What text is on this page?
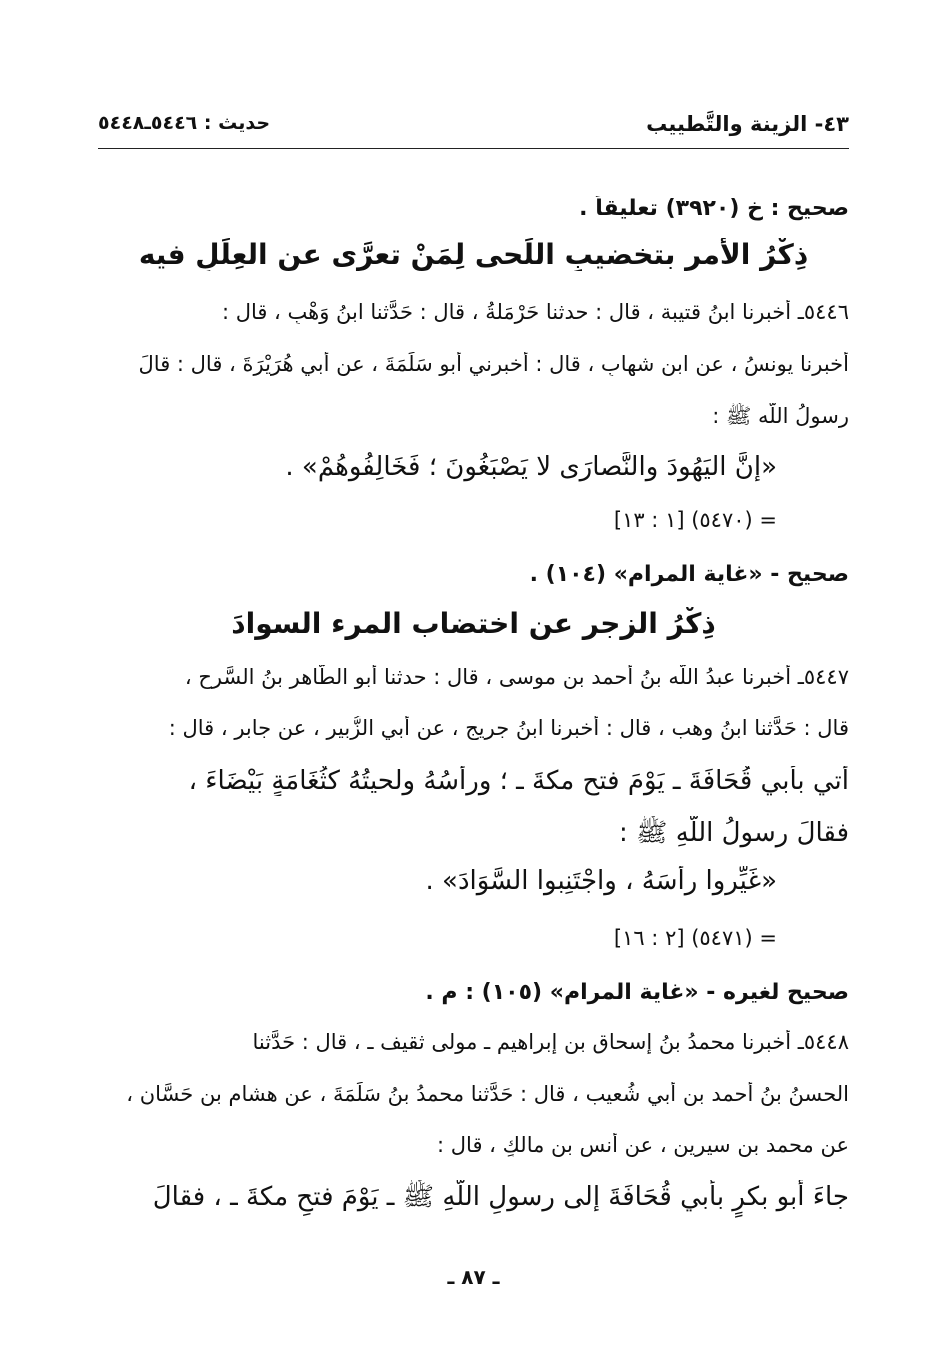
٤٣- الزينة والتَّطييب
حديث : ٥٤٤٦ـ٥٤٤٨
صحيح : خ (٣٩٢٠) تعليقاً .
ذِكْرُ الأمر بتخضيبِ اللِّحى لِمَنْ تعرَّى عن العِلَلِ فيه
٥٤٤٦ـ أخبرنا ابنُ قتيبة ، قال : حدثنا حَرْمَلةُ ، قال : حَدَّثنا ابنُ وَهْبٍ ، قال :
أخبرنا يونسُ ، عن ابنِ شهابٍ ، قال : أخبرني أبو سَلَمَةَ ، عن أبي هُرَيْرَةَ ، قال : قالَ
رسولُ اللّه ﷺ :
«إنَّ اليَهُودَ والنَّصارَى لا يَصْبَغُونَ ؛ فَخَالِفُوهُمْ» .
= (٥٤٧٠) [١ : ١٣]
صحيح - «غاية المرام» (١٠٤) .
ذِكْرُ الزجر عن اختضاب المرء السوادَ
٥٤٤٧ـ أخبرنا عبدُ اللّه بنُ أحمد بن موسى ، قال : حدثنا أبو الطَّاهر بنُ السَّرحِ ،
قال : حَدَّثنا ابنُ وهب ، قال : أخبرنا ابنُ جريج ، عن أبي الزُّبير ، عن جابر ، قال :
أُتي بأبي قُحَافَةَ ـ يَوْمَ فتح مكةَ ـ ؛ ورأسُهُ ولحيتُهُ كثُغَامَةٍ بَيْضَاءَ ،
فقالَ رسولُ اللّهِ ﷺ :
«غَيِّروا رأسَهُ ، واجْتَنِبوا السَّوَادَ» .
= (٥٤٧١) [٢ : ١٦]
صحيح لغيره - «غاية المرام» (١٠٥) : م .
٥٤٤٨ـ أخبرنا محمدُ بنُ إسحاق بن إبراهيم ـ مولى ثقيف ـ ، قال : حَدَّثنا
الحسنُ بنُ أحمد بنِ أبي شُعيب ، قال : حَدَّثنا محمدُ بنُ سَلَمَةَ ، عن هشامِ بنِ حَسَّان ،
عن محمد بن سيرين ، عن أنس بن مالكٍ ، قال :
جاءَ أبو بكرٍ بأبي قُحَافَةَ إلى رسولِ اللّهِ ﷺ ـ يَوْمَ فتحِ مكةَ ـ ، فقالَ
ـ ٨٧ ـ
